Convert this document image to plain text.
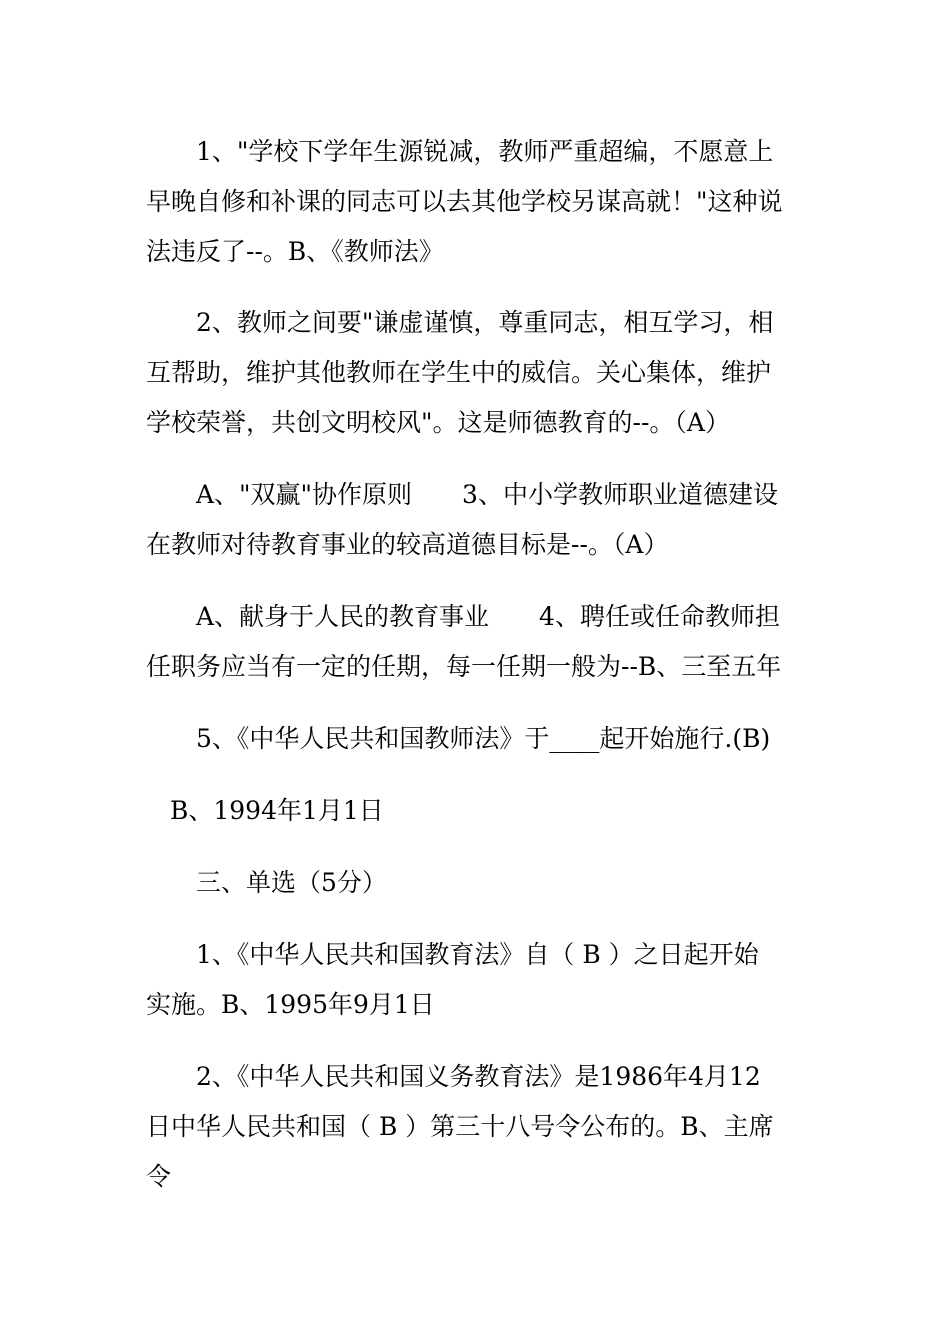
1、"学校下学年生源锐减，教师严重超编，不愿意上
早晚自修和补课的同志可以去其他学校另谋高就！"这种说
法违反了--。B、《教师法》
2、教师之间要"谦虚谨慎，尊重同志，相互学习，相
互帮助，维护其他教师在学生中的威信。关心集体，维护
学校荣誉，共创文明校风"。这是师德教育的--。（A）
A、"双赢"协作原则　　3、中小学教师职业道德建设
在教师对待教育事业的较高道德目标是--。（A）
A、献身于人民的教育事业　　4、聘任或任命教师担
任职务应当有一定的任期，每一任期一般为--B、三至五年
5、《中华人民共和国教师法》于____起开始施行.(B)
B、1994年1月1日
三、单选（5分）
1、《中华人民共和国教育法》自（ B ）之日起开始
实施。B、1995年9月1日
2、《中华人民共和国义务教育法》是1986年4月12
日中华人民共和国（ B ）第三十八号令公布的。B、主席
令
